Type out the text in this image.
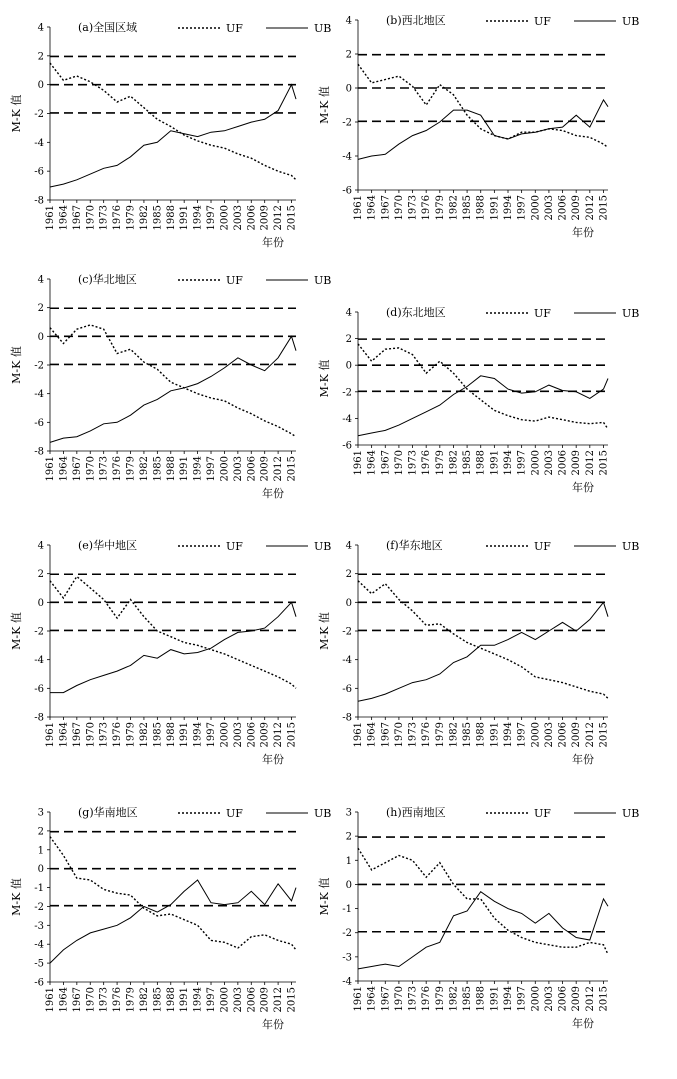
4
2
0
-2
-4
-6
-8
1961 1964 1967 1970 1973 1976 1979 1982 1985 1988 1991 1994 1997 2000 2003 2006 2009 2012 2015
年份
M-K 值
(a)全国区域	UF	UB
4
2
0
-2
-4
-6
1961 1964 1967 1970 1973 1976 1979 1982 1985 1988 1991 1994 1997 2000 2003 2006 2009 2012 2015
年份
M-K 值
(b)西北地区	UF	UB
4
2
0
-2
-4
-6
-8
1961 1964 1967 1970 1973 1976 1979 1982 1985 1988 1991 1994 1997 2000 2003 2006 2009 2012 2015
年份
M-K 值
(c)华北地区	UF	UB
4
2
0
-2
-4
-6
1961 1964 1967 1970 1973 1976 1979 1982 1985 1988 1991 1994 1997 2000 2003 2006 2009 2012 2015
年份
M-K 值
(d)东北地区	UF	UB
4
2
0
-2
-4
-6
-8
1961 1964 1967 1970 1973 1976 1979 1982 1985 1988 1991 1994 1997 2000 2003 2006 2009 2012 2015
年份
M-K 值
(e)华中地区	UF	UB 4
2
0
-2
-4
-6
-8
1961 1964 1967 1970 1973 1976 1979 1982 1985 1988 1991 1994 1997 2000 2003 2006 2009 2012 2015
年份
M-K 值
(f)华东地区	UF	UB
3
2
1
0
-1
-2
-3
-4
-5
-6
1961 1964 1967 1970 1973 1976 1979 1982 1985 1988 1991 1994 1997 2000 2003 2006 2009 2012 2015
年份
M-K 值
(g)华南地区	UF	UB 3
2
1
0
-1
-2
-3
-4
1961 1964 1967 1970 1973 1976 1979 1982 1985 1988 1991 1994 1997 2000 2003 2006 2009 2012 2015
年份
M-K 值
(h)西南地区	UF	UB
